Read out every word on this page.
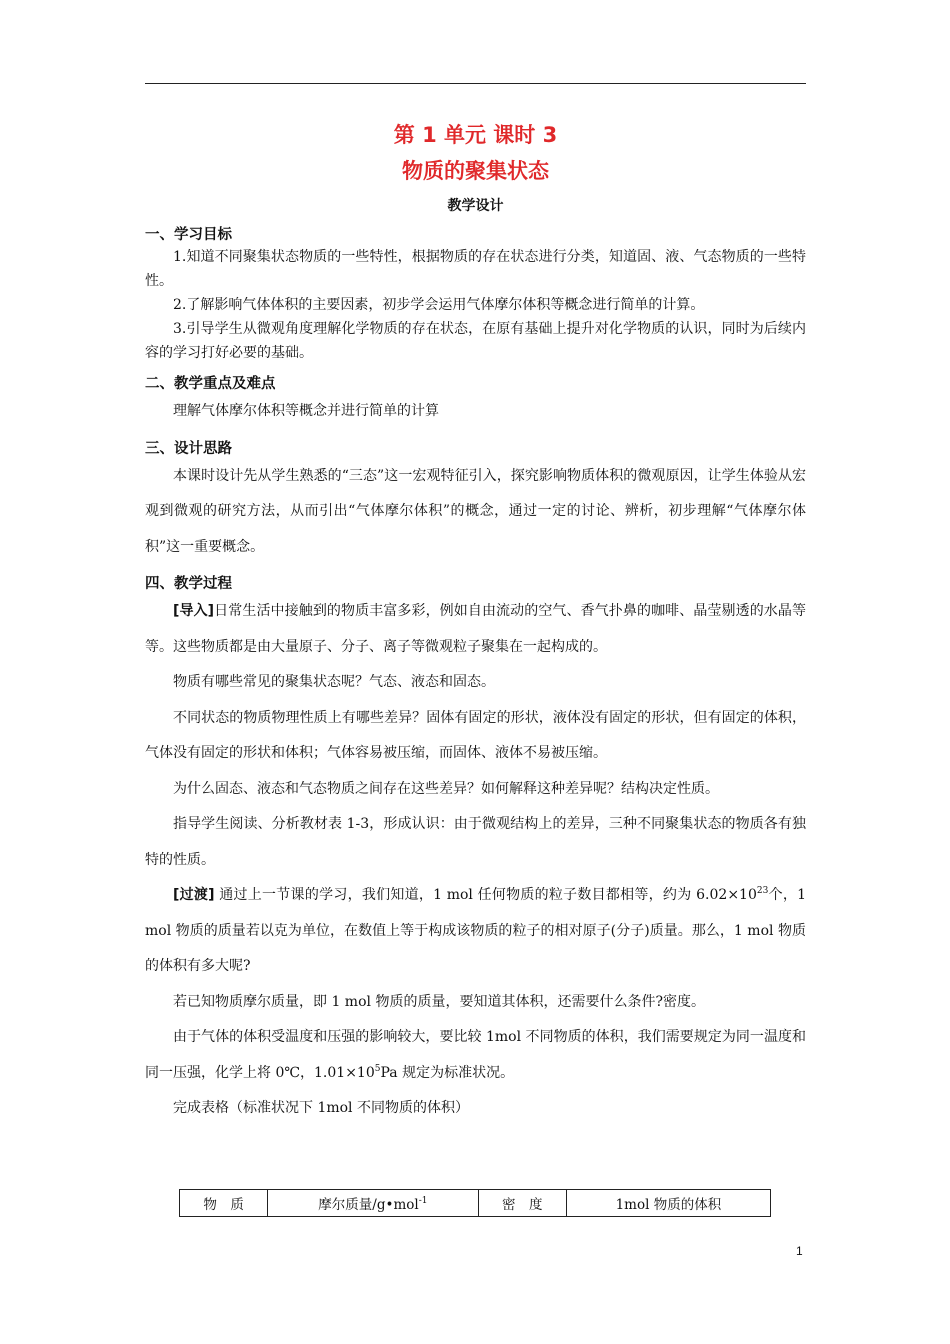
第 1 单元 课时 3
物质的聚集状态
教学设计
一、学习目标
1.知道不同聚集状态物质的一些特性，根据物质的存在状态进行分类，知道固、液、气态物质的一些特性。
2.了解影响气体体积的主要因素，初步学会运用气体摩尔体积等概念进行简单的计算。
3.引导学生从微观角度理解化学物质的存在状态，在原有基础上提升对化学物质的认识，同时为后续内容的学习打好必要的基础。
二、教学重点及难点
理解气体摩尔体积等概念并进行简单的计算
三、设计思路
本课时设计先从学生熟悉的“三态”这一宏观特征引入，探究影响物质体积的微观原因，让学生体验从宏观到微观的研究方法，从而引出“气体摩尔体积”的概念，通过一定的讨论、辨析，初步理解“气体摩尔体积”这一重要概念。
四、教学过程
[导入]日常生活中接触到的物质丰富多彩，例如自由流动的空气、香气扑鼻的咖啡、晶莹剔透的水晶等等。这些物质都是由大量原子、分子、离子等微观粒子聚集在一起构成的。
物质有哪些常见的聚集状态呢？气态、液态和固态。
不同状态的物质物理性质上有哪些差异？固体有固定的形状，液体没有固定的形状，但有固定的体积，气体没有固定的形状和体积；气体容易被压缩，而固体、液体不易被压缩。
为什么固态、液态和气态物质之间存在这些差异？如何解释这种差异呢？结构决定性质。
指导学生阅读、分析教材表 1-3，形成认识：由于微观结构上的差异，三种不同聚集状态的物质各有独特的性质。
[过渡] 通过上一节课的学习，我们知道，1 mol 任何物质的粒子数目都相等，约为 $6.02\times 10^{23}$个，1 mol 物质的质量若以克为单位，在数值上等于构成该物质的粒子的相对原子(分子)质量。那么，1 mol 物质的体积有多大呢?
若已知物质摩尔质量，即 1 mol 物质的质量，要知道其体积，还需要什么条件?密度。
由于气体的体积受温度和压强的影响较大，要比较 1mol 不同物质的体积，我们需要规定为同一温度和同一压强，化学上将 0℃，$1.01\times 10^5Pa$ 规定为标准状况。
完成表格（标准状况下 1mol 不同物质的体积）
物　质	摩尔质量/g•mol$^{-1}$	密　度	1mol 物质的体积
1
